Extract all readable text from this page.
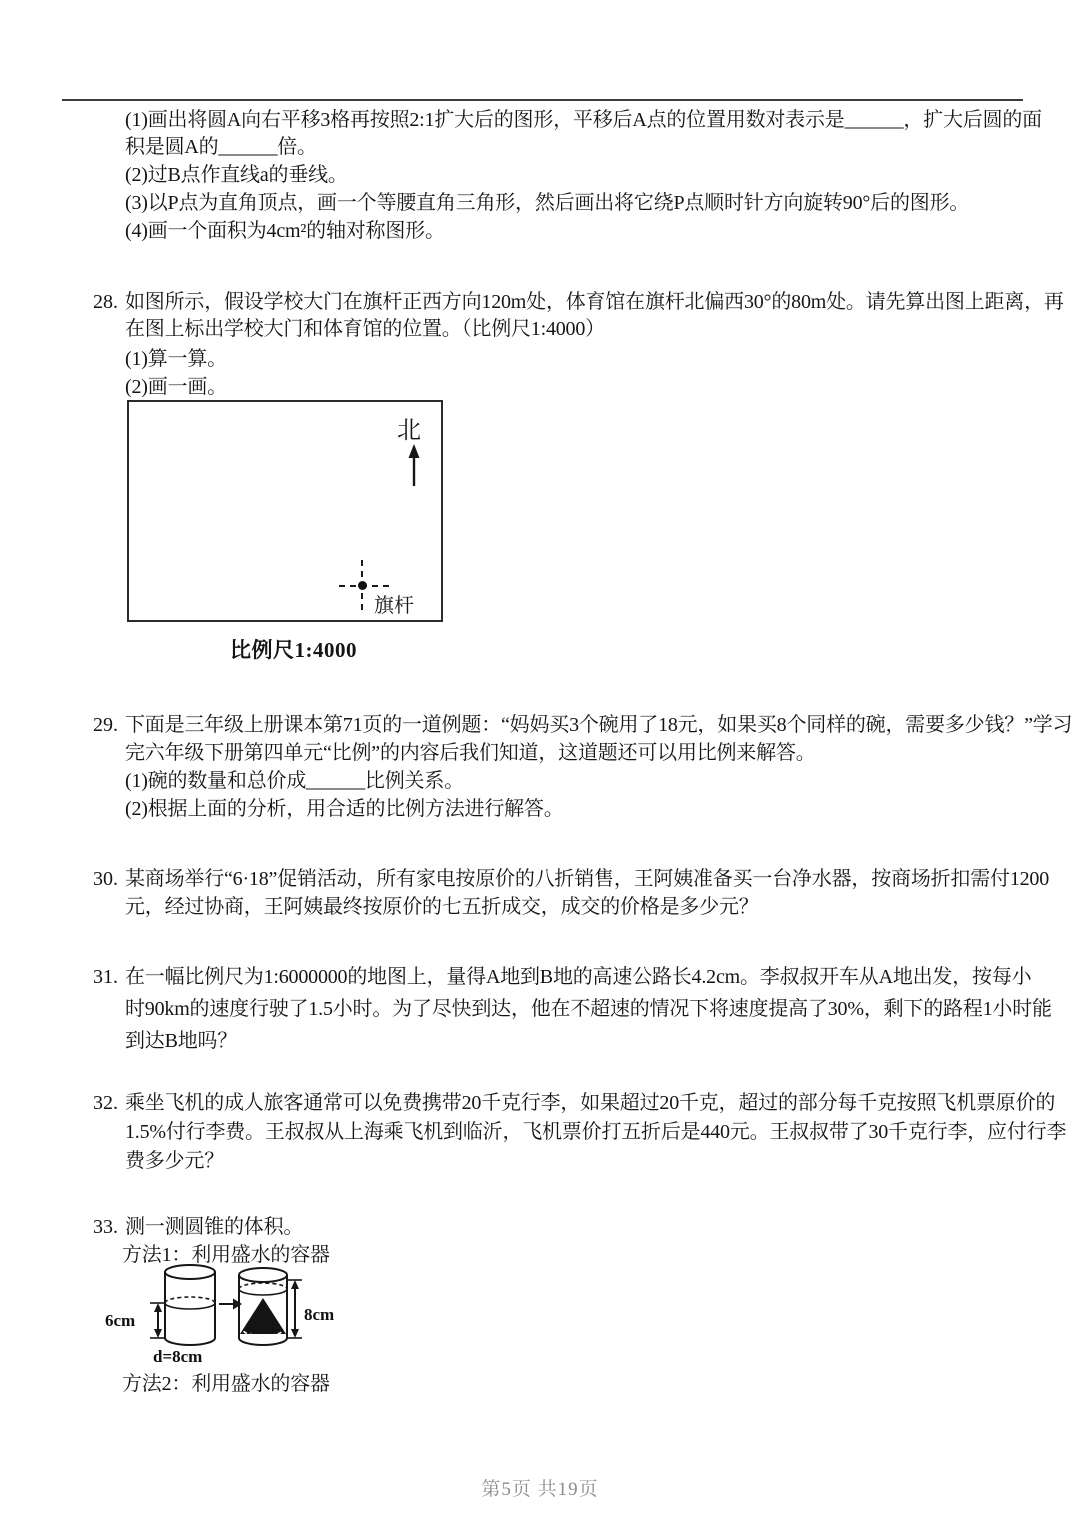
(1)画出将圆A向右平移3格再按照2:1扩大后的图形，平移后A点的位置用数对表示是______，扩大后圆的面
积是圆A的______倍。
(2)过B点作直线a的垂线。
(3)以P点为直角顶点，画一个等腰直角三角形，然后画出将它绕P点顺时针方向旋转90°后的图形。
(4)画一个面积为4cm²的轴对称图形。
28. 如图所示，假设学校大门在旗杆正西方向120m处，体育馆在旗杆北偏西30°的80m处。请先算出图上距离，再
在图上标出学校大门和体育馆的位置。（比例尺1:4000）
(1)算一算。
(2)画一画。
北
旗杆
比例尺1:4000
29. 下面是三年级上册课本第71页的一道例题：“妈妈买3个碗用了18元，如果买8个同样的碗，需要多少钱？”学习
完六年级下册第四单元“比例”的内容后我们知道，这道题还可以用比例来解答。
(1)碗的数量和总价成______比例关系。
(2)根据上面的分析，用合适的比例方法进行解答。
30. 某商场举行“6·18”促销活动，所有家电按原价的八折销售，王阿姨准备买一台净水器，按商场折扣需付1200
元，经过协商，王阿姨最终按原价的七五折成交，成交的价格是多少元？
31. 在一幅比例尺为1:6000000的地图上，量得A地到B地的高速公路长4.2cm。李叔叔开车从A地出发，按每小
时90km的速度行驶了1.5小时。为了尽快到达，他在不超速的情况下将速度提高了30%，剩下的路程1小时能
到达B地吗？
32. 乘坐飞机的成人旅客通常可以免费携带20千克行李，如果超过20千克，超过的部分每千克按照飞机票原价的
1.5%付行李费。王叔叔从上海乘飞机到临沂，飞机票价打五折后是440元。王叔叔带了30千克行李，应付行李
费多少元？
33. 测一测圆锥的体积。
方法1：利用盛水的容器
6cm	8cm
d=8cm
方法2：利用盛水的容器
第5页 共19页
